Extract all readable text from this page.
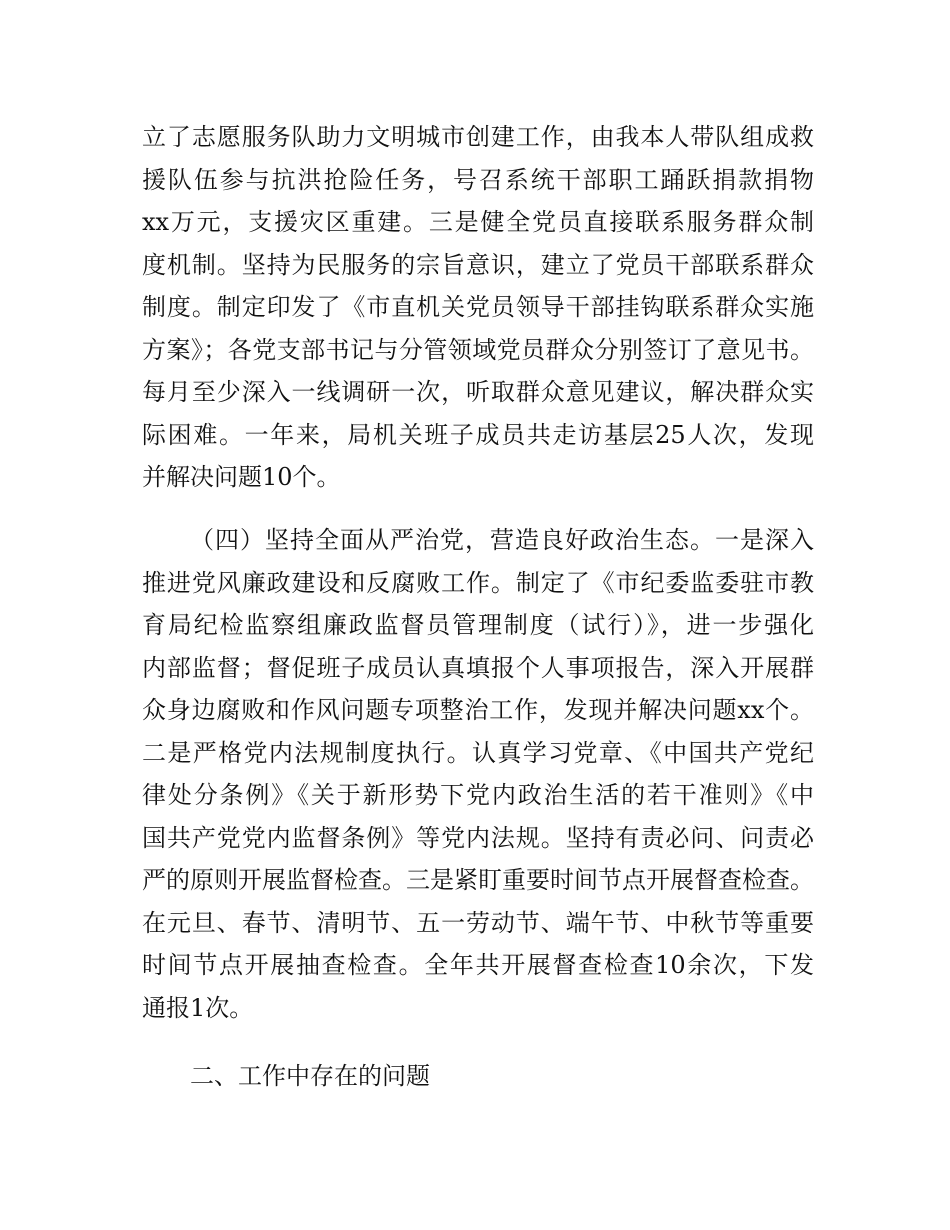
立了志愿服务队助力文明城市创建工作，由我本人带队组成救
援队伍参与抗洪抢险任务，号召系统干部职工踊跃捐款捐物
xx万元，支援灾区重建。三是健全党员直接联系服务群众制
度机制。坚持为民服务的宗旨意识，建立了党员干部联系群众
制度。制定印发了《市直机关党员领导干部挂钩联系群众实施
方案》；各党支部书记与分管领域党员群众分别签订了意见书。
每月至少深入一线调研一次，听取群众意见建议，解决群众实
际困难。一年来，局机关班子成员共走访基层25人次，发现
并解决问题10个。
（四）坚持全面从严治党，营造良好政治生态。一是深入
推进党风廉政建设和反腐败工作。制定了《市纪委监委驻市教
育局纪检监察组廉政监督员管理制度（试行）》，进一步强化
内部监督；督促班子成员认真填报个人事项报告，深入开展群
众身边腐败和作风问题专项整治工作，发现并解决问题xx个。
二是严格党内法规制度执行。认真学习党章、《中国共产党纪
律处分条例》《关于新形势下党内政治生活的若干准则》《中
国共产党党内监督条例》等党内法规。坚持有责必问、问责必
严的原则开展监督检查。三是紧盯重要时间节点开展督查检查。
在元旦、春节、清明节、五一劳动节、端午节、中秋节等重要
时间节点开展抽查检查。全年共开展督查检查10余次，下发
通报1次。
二、工作中存在的问题
